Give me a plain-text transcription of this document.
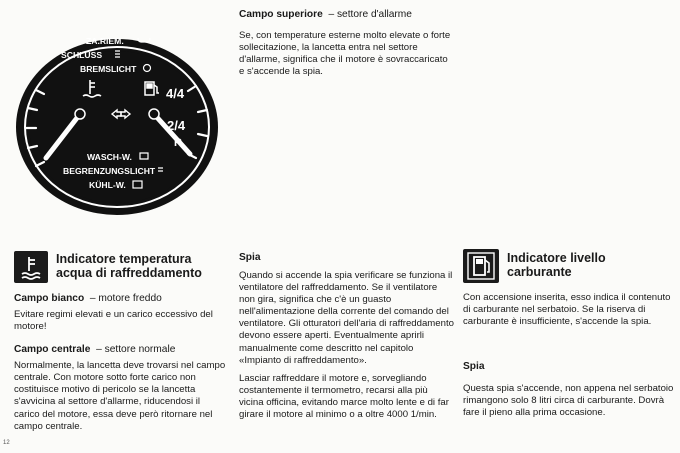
ZA.RIEM.
SCHLUSS
BREMSLICHT
WASCH-W.
BEGRENZUNGSLICHT
KÜHL-W.
4/4
2/4
R
Campo superiore – settore d'allarme

Se, con temperature esterne molto elevate o forte sollecitazione, la lancetta entra nel settore d'allarme, significa che il motore è sovraccaricato e s'accende la spia.

Indicatore temperatura acqua di raffreddamento
Campo bianco – motore freddo

Evitare regimi elevati e un carico eccessivo del motore!

Campo centrale – settore normale

Normalmente, la lancetta deve trovarsi nel campo centrale. Con motore sotto forte carico non costituisce motivo di pericolo se la lancetta s'avvicina al settore d'allarme, riducendosi il carico del motore, essa deve però ritornare nel campo centrale.

Spia

Quando si accende la spia verificare se funziona il ventilatore del raffreddamento. Se il ventilatore non gira, significa che c'è un guasto nell'alimentazione della corrente del comando del ventilatore. Gli otturatori dell'aria di raffreddamento devono essere aperti. Eventualmente aprirli manualmente come descritto nel capitolo «Impianto di raffreddamento».

Lasciar raffreddare il motore e, sorvegliando costantemente il termometro, recarsi alla più vicina officina, evitando marce molto lente e di far girare il motore al minimo o a oltre 4000 1/min.

Indicatore livello carburante

Con accensione inserita, esso indica il contenuto di carburante nel serbatoio. Se la riserva di carburante è insufficiente, s'accende la spia.

Spia

Questa spia s'accende, non appena nel serbatoio rimangono solo 8 litri circa di carburante. Dovrà fare il pieno alla prima occasione.

12
